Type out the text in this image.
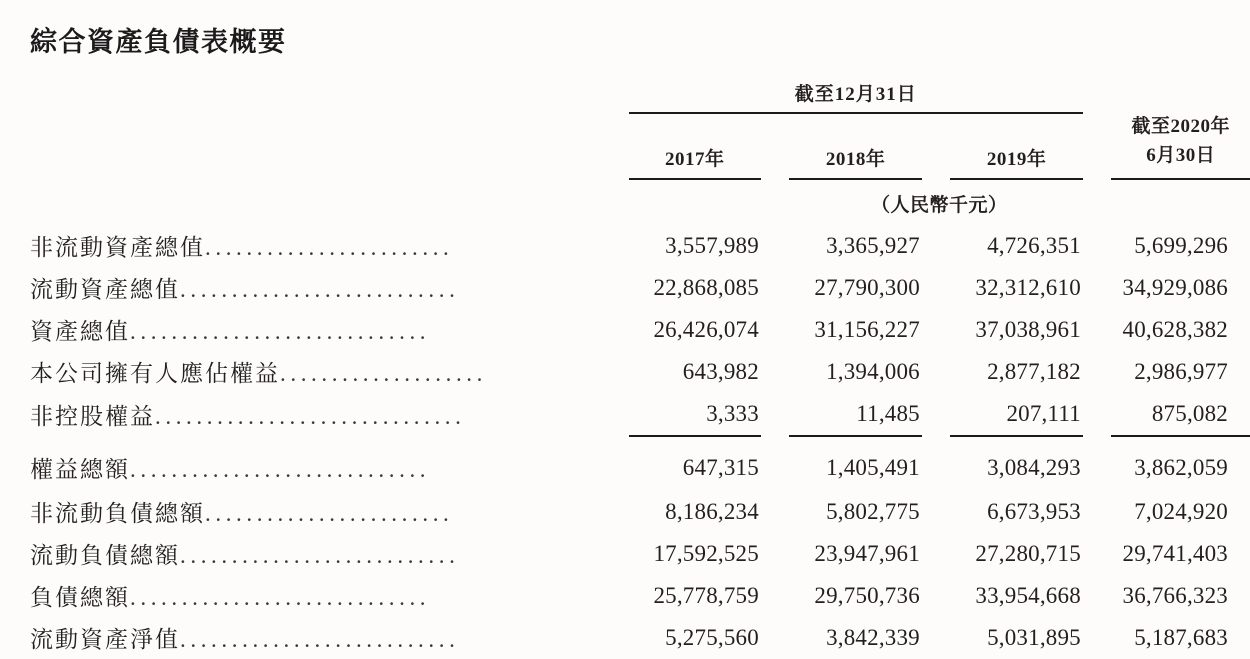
綜合資產負債表概要
	截至12月31日						
	2017年		2018年		2019年		截至2020年
6月30日
	（人民幣千元）						

非流動資產總值........................	3,557,989		3,365,927		4,726,351		5,699,296

流動資產總值...........................	22,868,085		27,790,300		32,312,610		34,929,086

資產總值.............................	26,426,074		31,156,227		37,038,961		40,628,382

本公司擁有人應佔權益....................	643,982		1,394,006		2,877,182		2,986,977

非控股權益..............................	3,333		11,485		207,111		875,082

權益總額.............................	647,315		1,405,491		3,084,293		3,862,059

非流動負債總額........................	8,186,234		5,802,775		6,673,953		7,024,920

流動負債總額...........................	17,592,525		23,947,961		27,280,715		29,741,403

負債總額.............................	25,778,759		29,750,736		33,954,668		36,766,323

流動資產淨值...........................	5,275,560		3,842,339		5,031,895		5,187,683
